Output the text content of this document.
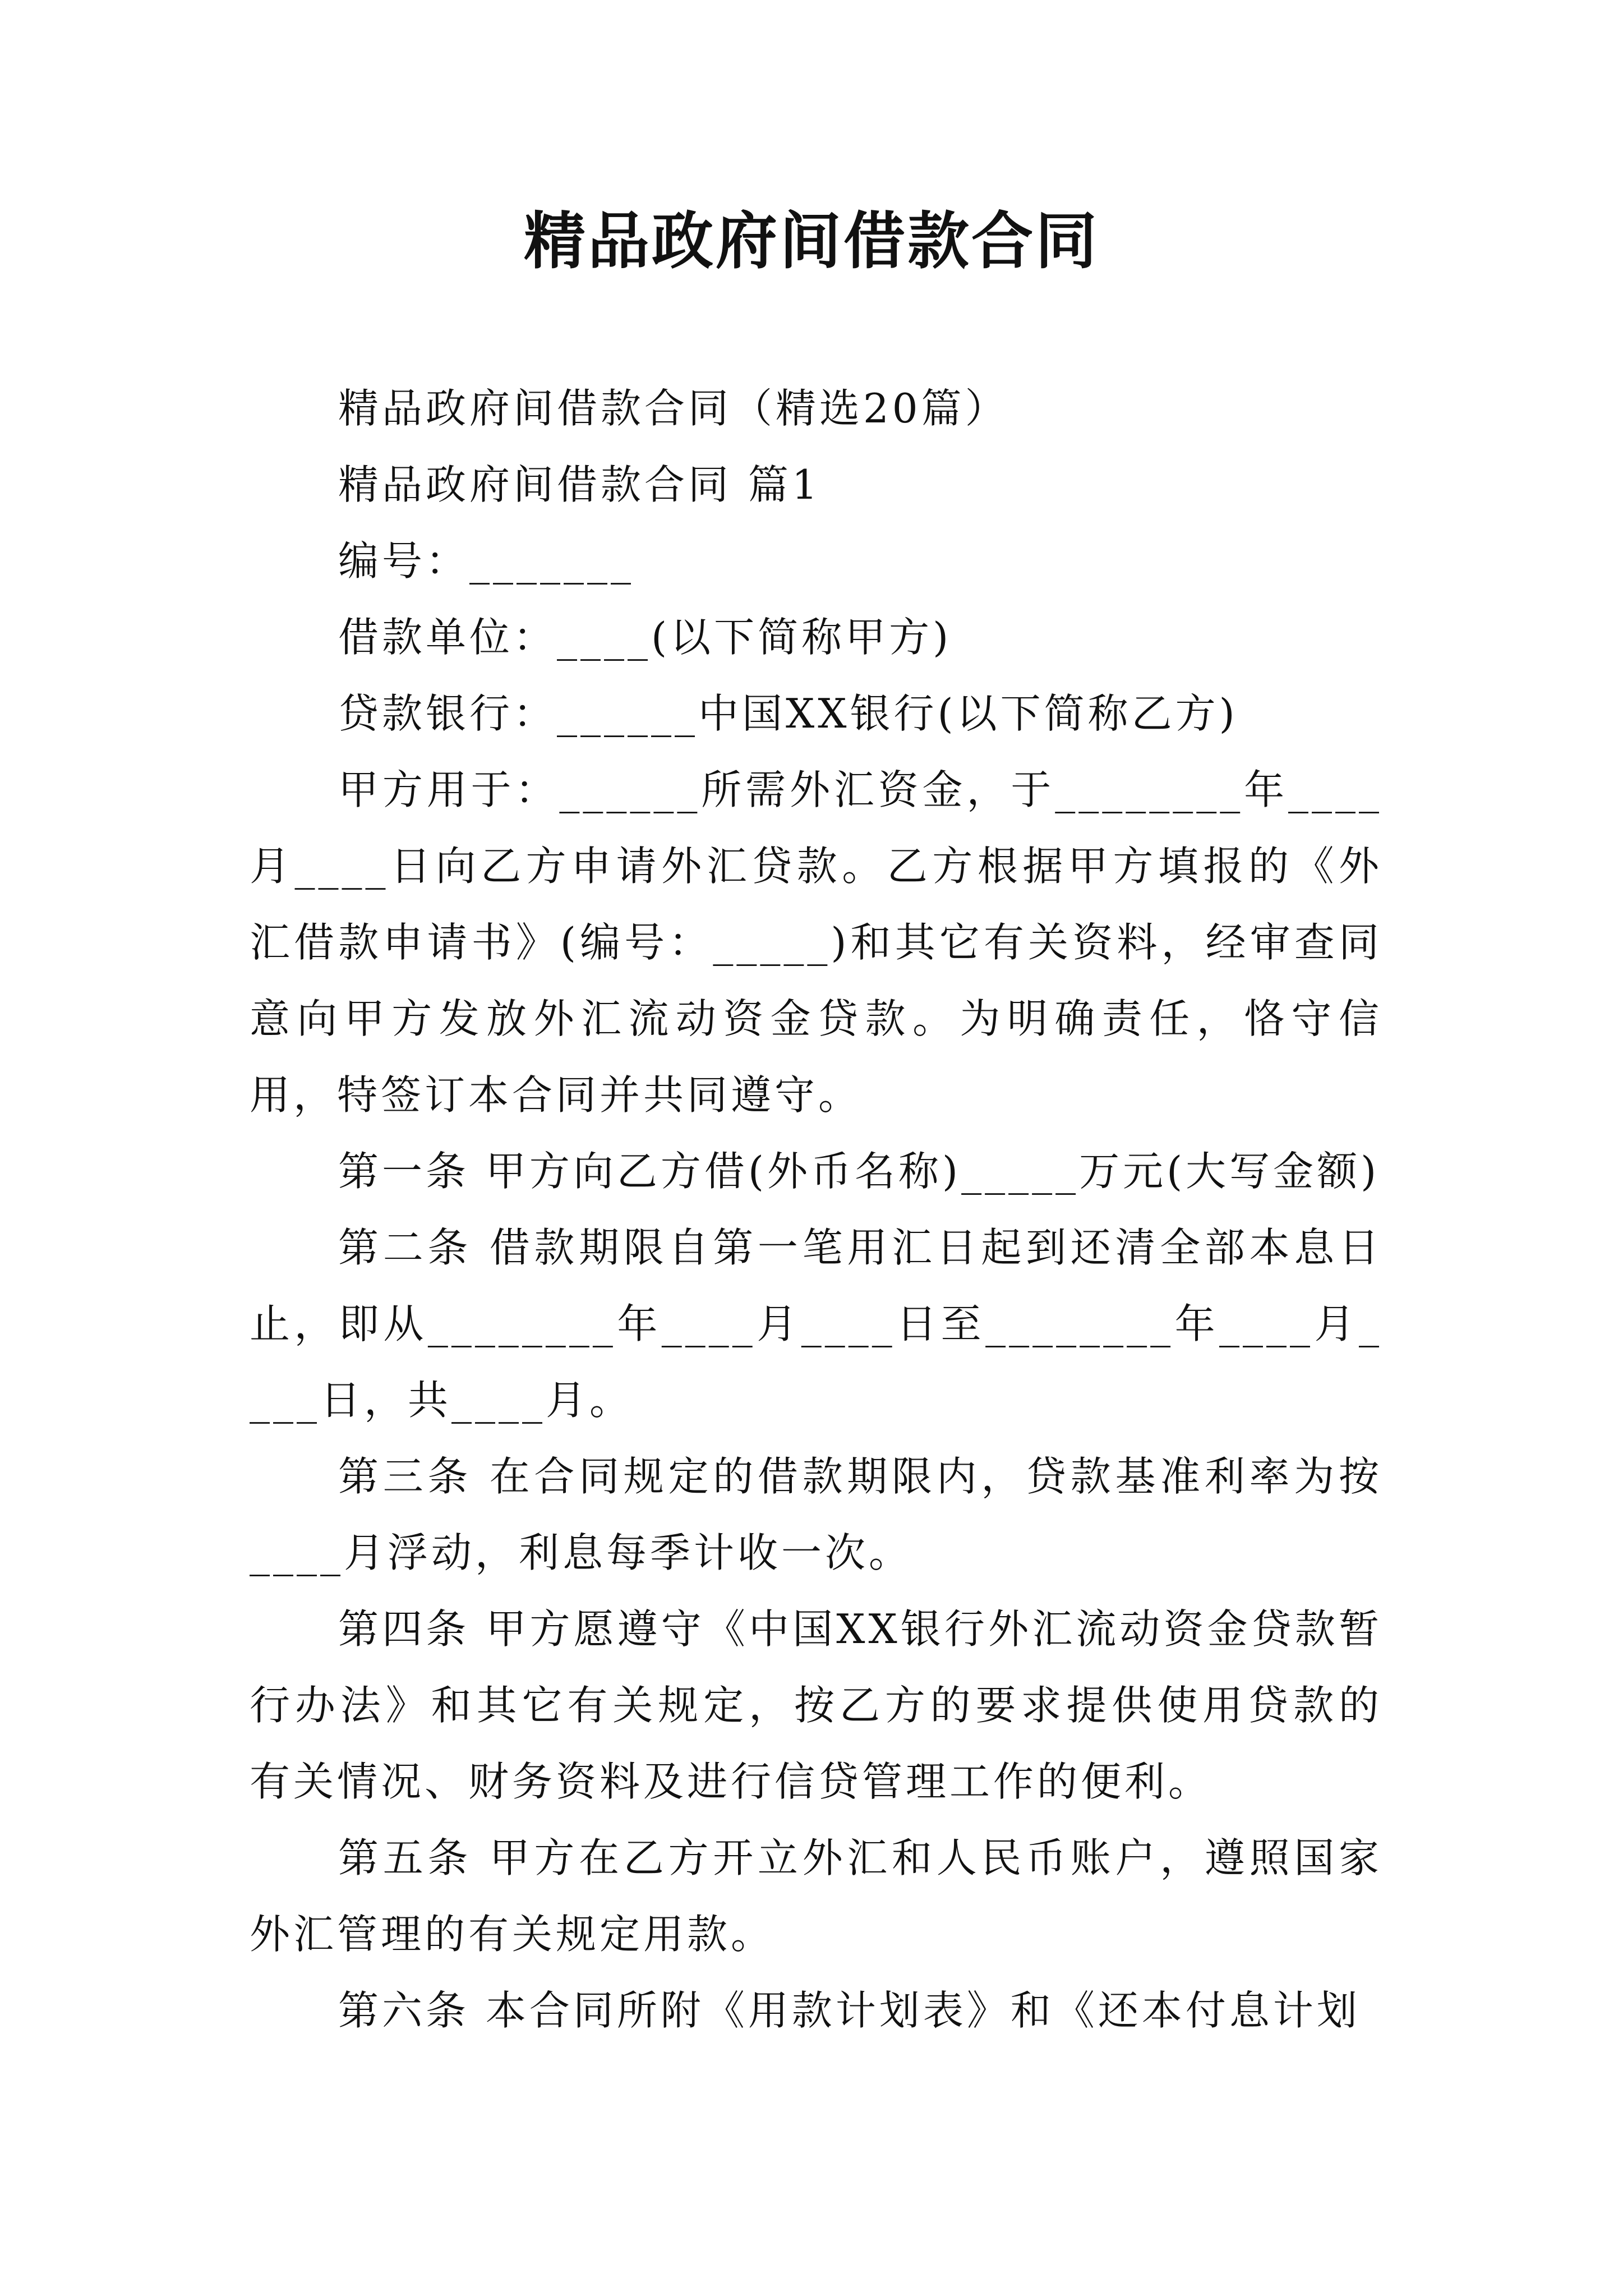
精品政府间借款合同

精品政府间借款合同（精选20篇）

精品政府间借款合同 篇1

编号：_______

借款单位：____(以下简称甲方)

贷款银行：______中国XX银行(以下简称乙方)

甲方用于：______所需外汇资金，于________年____月____日向乙方申请外汇贷款。乙方根据甲方填报的《外汇借款申请书》(编号：_____)和其它有关资料，经审查同意向甲方发放外汇流动资金贷款。为明确责任，恪守信用，特签订本合同并共同遵守。

第一条 甲方向乙方借(外币名称)_____万元(大写金额)

第二条 借款期限自第一笔用汇日起到还清全部本息日止，即从________年____月____日至________年____月____日，共____月。

第三条 在合同规定的借款期限内，贷款基准利率为按____月浮动，利息每季计收一次。

第四条 甲方愿遵守《中国XX银行外汇流动资金贷款暂行办法》和其它有关规定，按乙方的要求提供使用贷款的有关情况、财务资料及进行信贷管理工作的便利。

第五条 甲方在乙方开立外汇和人民币账户，遵照国家外汇管理的有关规定用款。

第六条 本合同所附《用款计划表》和《还本付息计划
